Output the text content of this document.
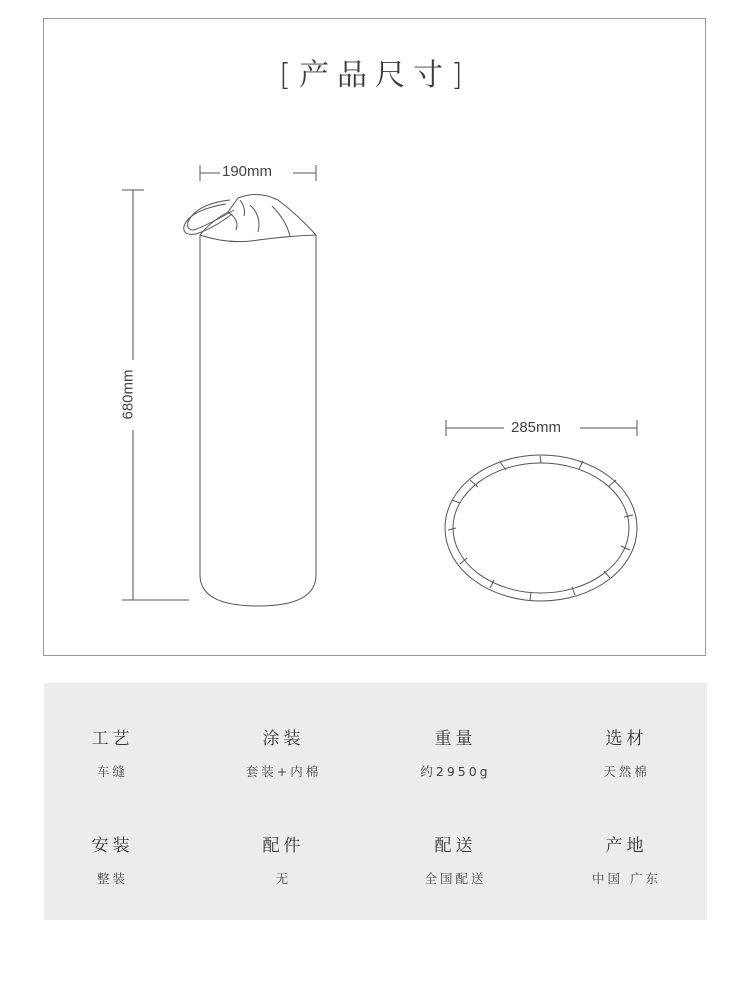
[产品尺寸]
190mm
285mm
680mm
工艺
车缝
涂装
套装+内棉
重量
约2950g
选材
天然棉
安装
整装
配件
无
配送
全国配送
产地
中国 广东
